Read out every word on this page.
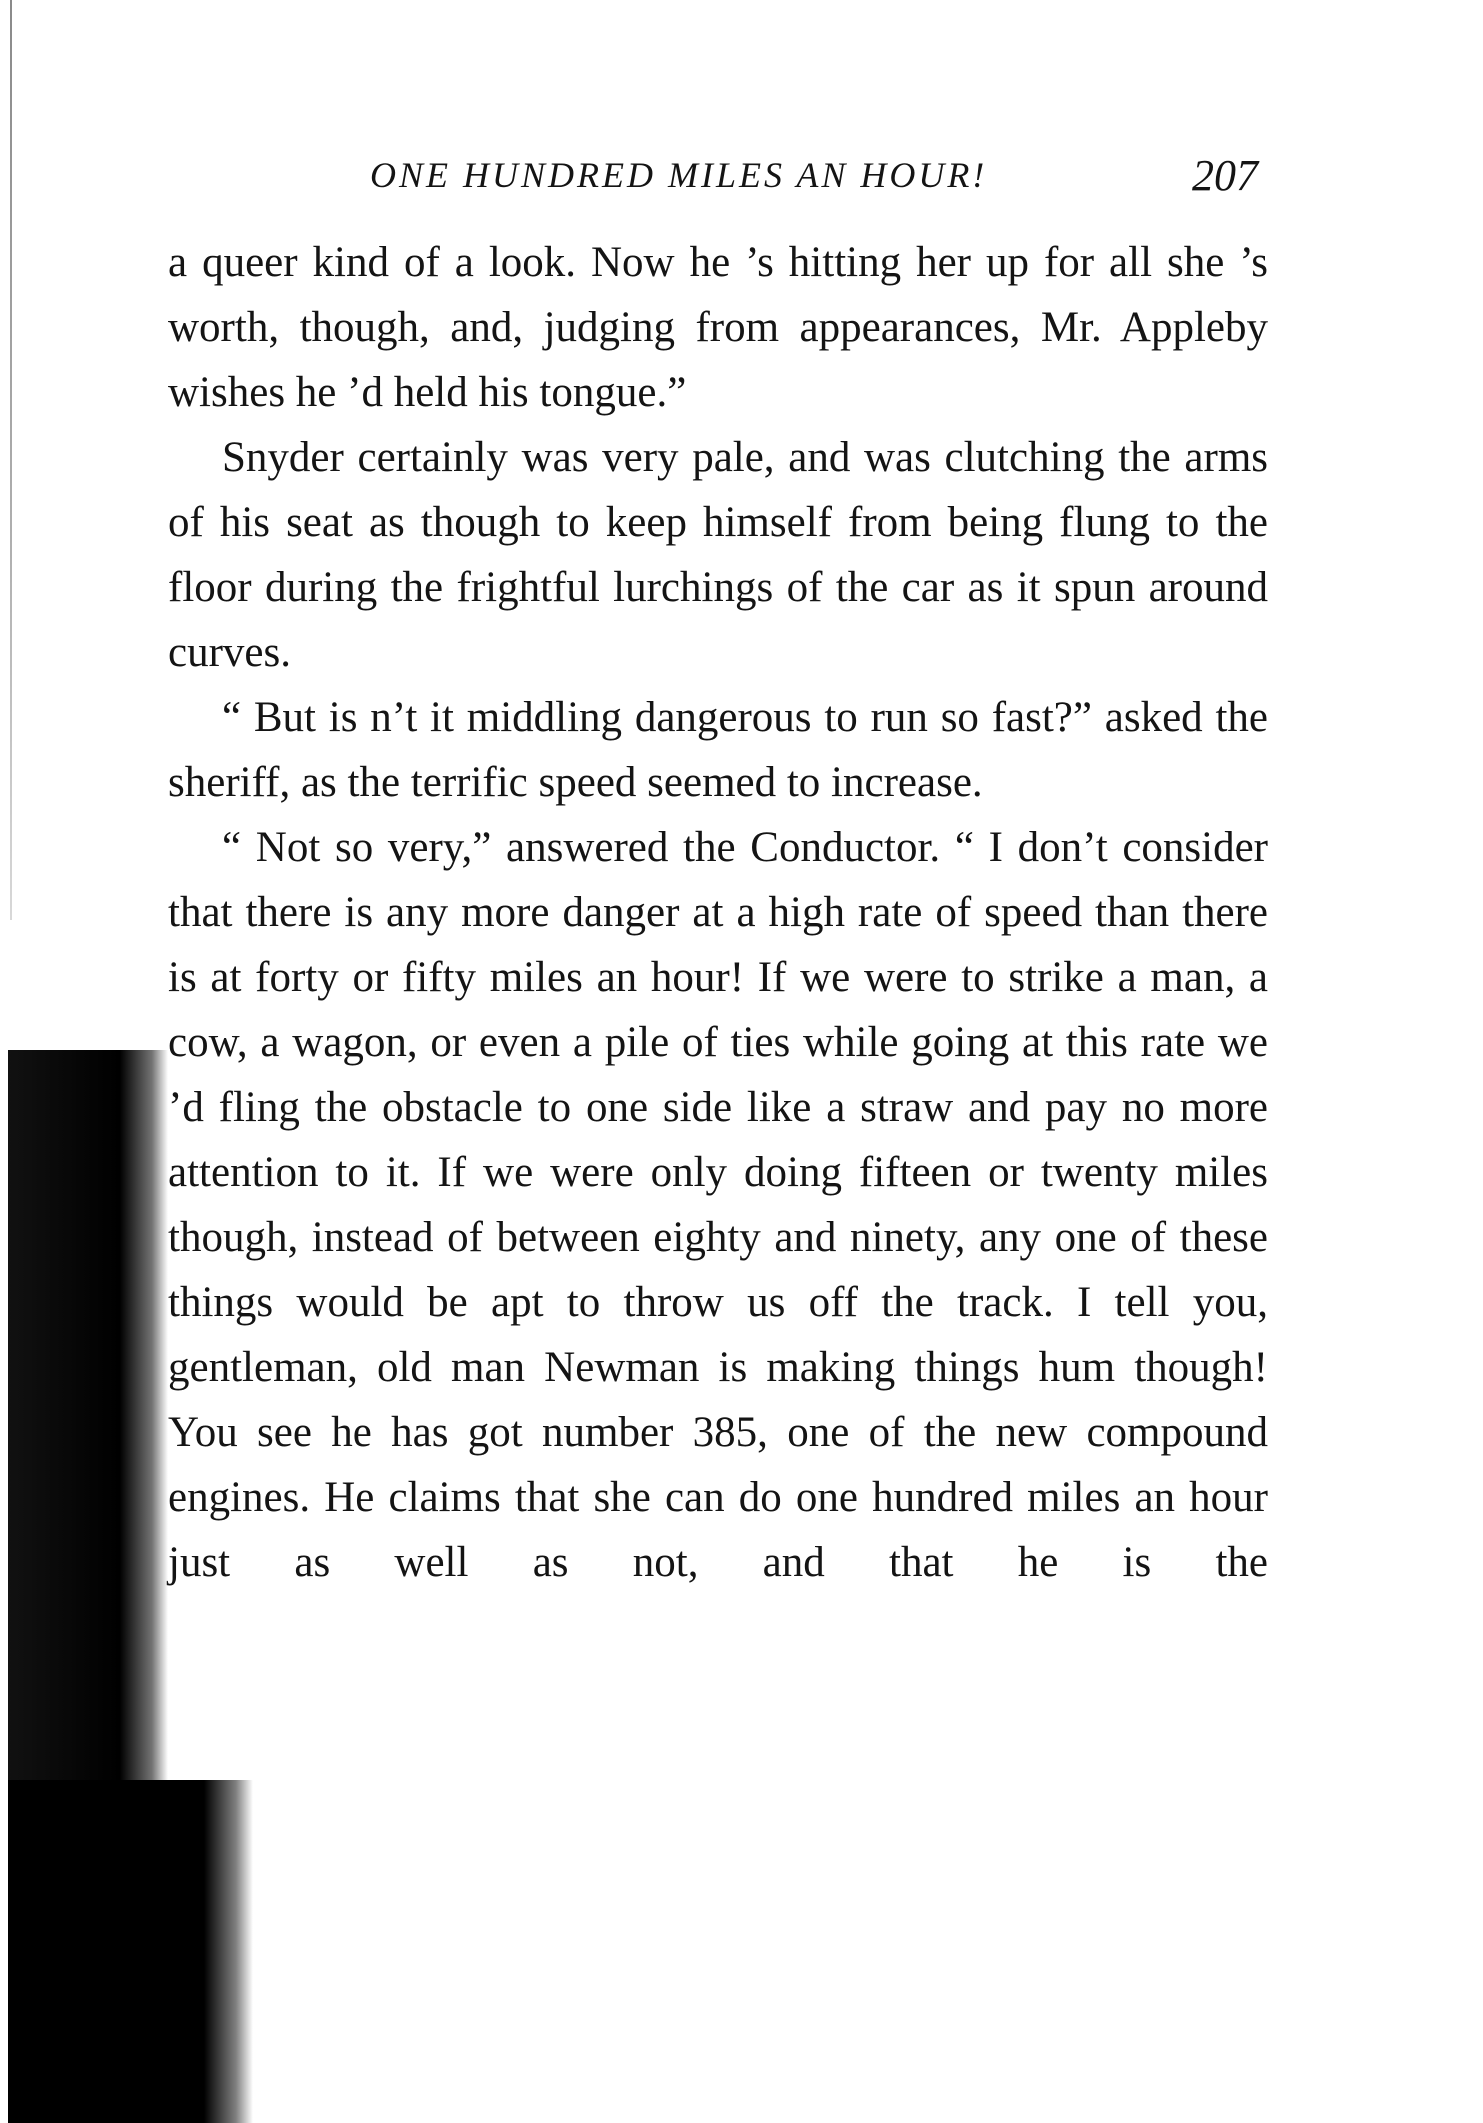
ONE HUNDRED MILES AN HOUR!	207

a queer kind of a look. Now he ’s hitting her up for all she ’s worth, though, and, judging from appearances, Mr. Appleby wishes he ’d held his tongue.”

Snyder certainly was very pale, and was clutching the arms of his seat as though to keep himself from being flung to the floor during the frightful lurchings of the car as it spun around curves.

“ But is n’t it middling dangerous to run so fast?” asked the sheriff, as the terrific speed seemed to increase.

“ Not so very,” answered the Conductor. “ I don’t consider that there is any more danger at a high rate of speed than there is at forty or fifty miles an hour! If we were to strike a man, a cow, a wagon, or even a pile of ties while going at this rate we ’d fling the obstacle to one side like a straw and pay no more attention to it. If we were only doing fifteen or twenty miles though, instead of between eighty and ninety, any one of these things would be apt to throw us off the track. I tell you, gentleman, old man Newman is making things hum though! You see he has got number 385, one of the new compound engines. He claims that she can do one hundred miles an hour just as well as not, and that he is the
